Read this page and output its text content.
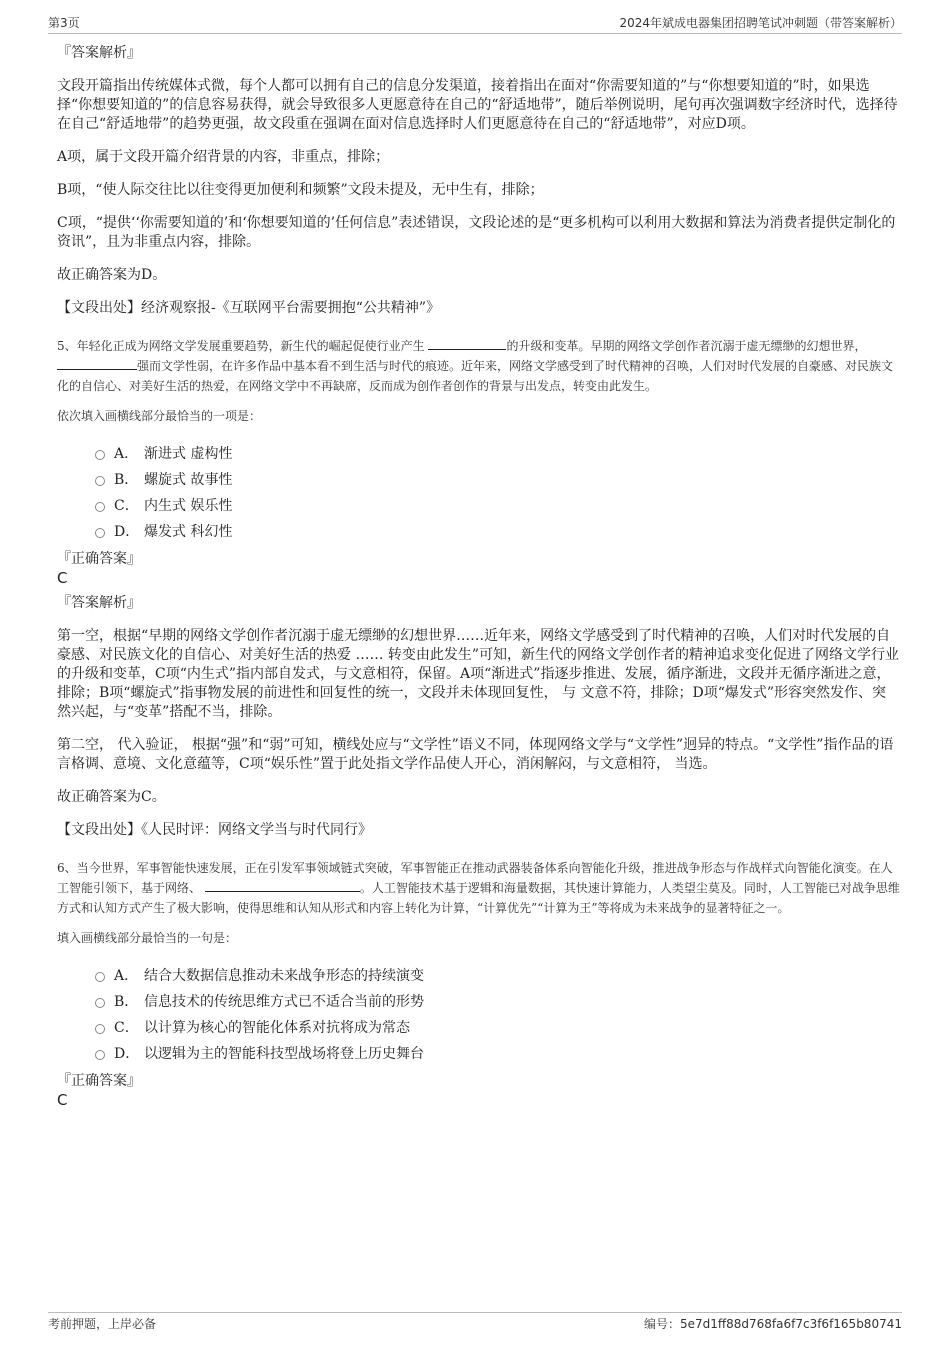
第3页	2024年斌成电器集团招聘笔试冲刺题（带答案解析）
『答案解析』

文段开篇指出传统媒体式微，每个人都可以拥有自己的信息分发渠道，接着指出在面对“你需要知道的”与“你想要知道的”时，如果选择“你想要知道的”的信息容易获得，就会导致很多人更愿意待在自己的“舒适地带”，随后举例说明，尾句再次强调数字经济时代，选择待在自己“舒适地带”的趋势更强，故文段重在强调在面对信息选择时人们更愿意待在自己的“舒适地带”，对应D项。

A项，属于文段开篇介绍背景的内容，非重点，排除；

B项，“使人际交往比以往变得更加便利和频繁”文段未提及，无中生有，排除；

C项，“提供‘‘你需要知道的’和‘你想要知道的’任何信息”表述错误，文段论述的是“更多机构可以利用大数据和算法为消费者提供定制化的资讯”，且为非重点内容，排除。

故正确答案为D。

【文段出处】经济观察报-《互联网平台需要拥抱“公共精神”》

5、年轻化正成为网络文学发展重要趋势，新生代的崛起促使行业产生	的升级和变革。早期的网络文学创作者沉溺于虚无缥缈的幻想世界， 强而文学性弱，在许多作品中基本看不到生活与时代的痕迹。近年来，网络文学感受到了时代精神的召唤，人们对时代发展的自豪感、对民族文化的自信心、对美好生活的热爱，在网络文学中不再缺席，反而成为创作者创作的背景与出发点，转变由此发生。

依次填入画横线部分最恰当的一项是：

A． 渐进式 虚构性
B． 螺旋式 故事性
C． 内生式 娱乐性
D． 爆发式 科幻性
『正确答案』
C
『答案解析』

第一空，根据“早期的网络文学创作者沉溺于虚无缥缈的幻想世界……近年来，网络文学感受到了时代精神的召唤，人们对时代发展的自豪感、对民族文化的自信心、对美好生活的热爱 …… 转变由此发生”可知，新生代的网络文学创作者的精神追求变化促进了网络文学行业的升级和变革，C项“内生式”指内部自发式，与文意相符，保留。A项“渐进式”指逐步推进、发展，循序渐进，文段并无循序渐进之意，排除；B项“螺旋式”指事物发展的前进性和回复性的统一，文段并未体现回复性， 与 文意不符，排除；D项“爆发式”形容突然发作、突然兴起，与“变革”搭配不当，排除。

第二空， 代入验证， 根据“强”和“弱”可知，横线处应与“文学性”语义不同，体现网络文学与“文学性”迥异的特点。“文学性”指作品的语言格调、意境、文化意蕴等，C项“娱乐性”置于此处指文学作品使人开心，消闲解闷，与文意相符， 当选。

故正确答案为C。

【文段出处】《人民时评：网络文学当与时代同行》

6、当今世界，军事智能快速发展，正在引发军事领域链式突破，军事智能正在推动武器装备体系向智能化升级，推进战争形态与作战样式向智能化演变。在人工智能引领下，基于网络、	。人工智能技术基于逻辑和海量数据，其快速计算能力，人类望尘莫及。同时，人工智能已对战争思维方式和认知方式产生了极大影响，使得思维和认知从形式和内容上转化为计算，“计算优先”“计算为王”等将成为未来战争的显著特征之一。

填入画横线部分最恰当的一句是：

A． 结合大数据信息推动未来战争形态的持续演变
B． 信息技术的传统思维方式已不适合当前的形势
C． 以计算为核心的智能化体系对抗将成为常态
D． 以逻辑为主的智能科技型战场将登上历史舞台
『正确答案』
C
考前押题，上岸必备	编号：5e7d1ff88d768fa6f7c3f6f165b80741
